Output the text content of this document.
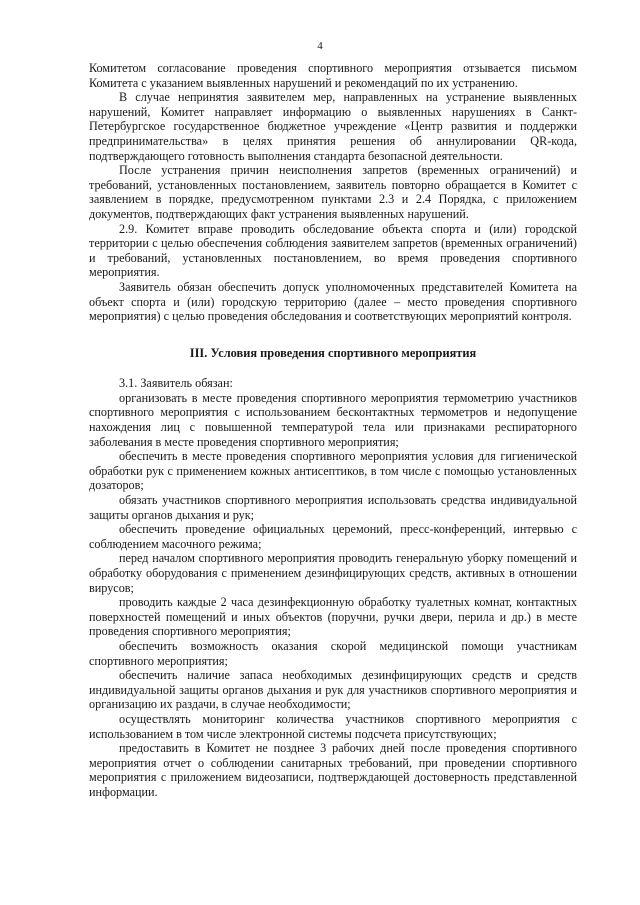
4

Комитетом согласование проведения спортивного мероприятия отзывается письмом Комитета с указанием выявленных нарушений и рекомендаций по их устранению.

В случае непринятия заявителем мер, направленных на устранение выявленных нарушений, Комитет направляет информацию о выявленных нарушениях в Санкт-Петербургское государственное бюджетное учреждение «Центр развития и поддержки предпринимательства» в целях принятия решения об аннулировании QR-кода, подтверждающего готовность выполнения стандарта безопасной деятельности.

После устранения причин неисполнения запретов (временных ограничений) и требований, установленных постановлением, заявитель повторно обращается в Комитет с заявлением в порядке, предусмотренном пунктами 2.3 и 2.4 Порядка, с приложением документов, подтверждающих факт устранения выявленных нарушений.

2.9. Комитет вправе проводить обследование объекта спорта и (или) городской территории с целью обеспечения соблюдения заявителем запретов (временных ограничений) и требований, установленных постановлением, во время проведения спортивного мероприятия.

Заявитель обязан обеспечить допуск уполномоченных представителей Комитета на объект спорта и (или) городскую территорию (далее – место проведения спортивного мероприятия) с целью проведения обследования и соответствующих мероприятий контроля.

III. Условия проведения спортивного мероприятия

3.1. Заявитель обязан:

организовать в месте проведения спортивного мероприятия термометрию участников спортивного мероприятия с использованием бесконтактных термометров и недопущение нахождения лиц с повышенной температурой тела или признаками респираторного заболевания в месте проведения спортивного мероприятия;

обеспечить в месте проведения спортивного мероприятия условия для гигиенической обработки рук с применением кожных антисептиков, в том числе с помощью установленных дозаторов;

обязать участников спортивного мероприятия использовать средства индивидуальной защиты органов дыхания и рук;

обеспечить проведение официальных церемоний, пресс-конференций, интервью с соблюдением масочного режима;

перед началом спортивного мероприятия проводить генеральную уборку помещений и обработку оборудования с применением дезинфицирующих средств, активных в отношении вирусов;

проводить каждые 2 часа дезинфекционную обработку туалетных комнат, контактных поверхностей помещений и иных объектов (поручни, ручки двери, перила и др.) в месте проведения спортивного мероприятия;

обеспечить возможность оказания скорой медицинской помощи участникам спортивного мероприятия;

обеспечить наличие запаса необходимых дезинфицирующих средств и средств индивидуальной защиты органов дыхания и рук для участников спортивного мероприятия и организацию их раздачи, в случае необходимости;

осуществлять мониторинг количества участников спортивного мероприятия с использованием в том числе электронной системы подсчета присутствующих;

предоставить в Комитет не позднее 3 рабочих дней после проведения спортивного мероприятия отчет о соблюдении санитарных требований, при проведении спортивного мероприятия с приложением видеозаписи, подтверждающей достоверность представленной информации.
